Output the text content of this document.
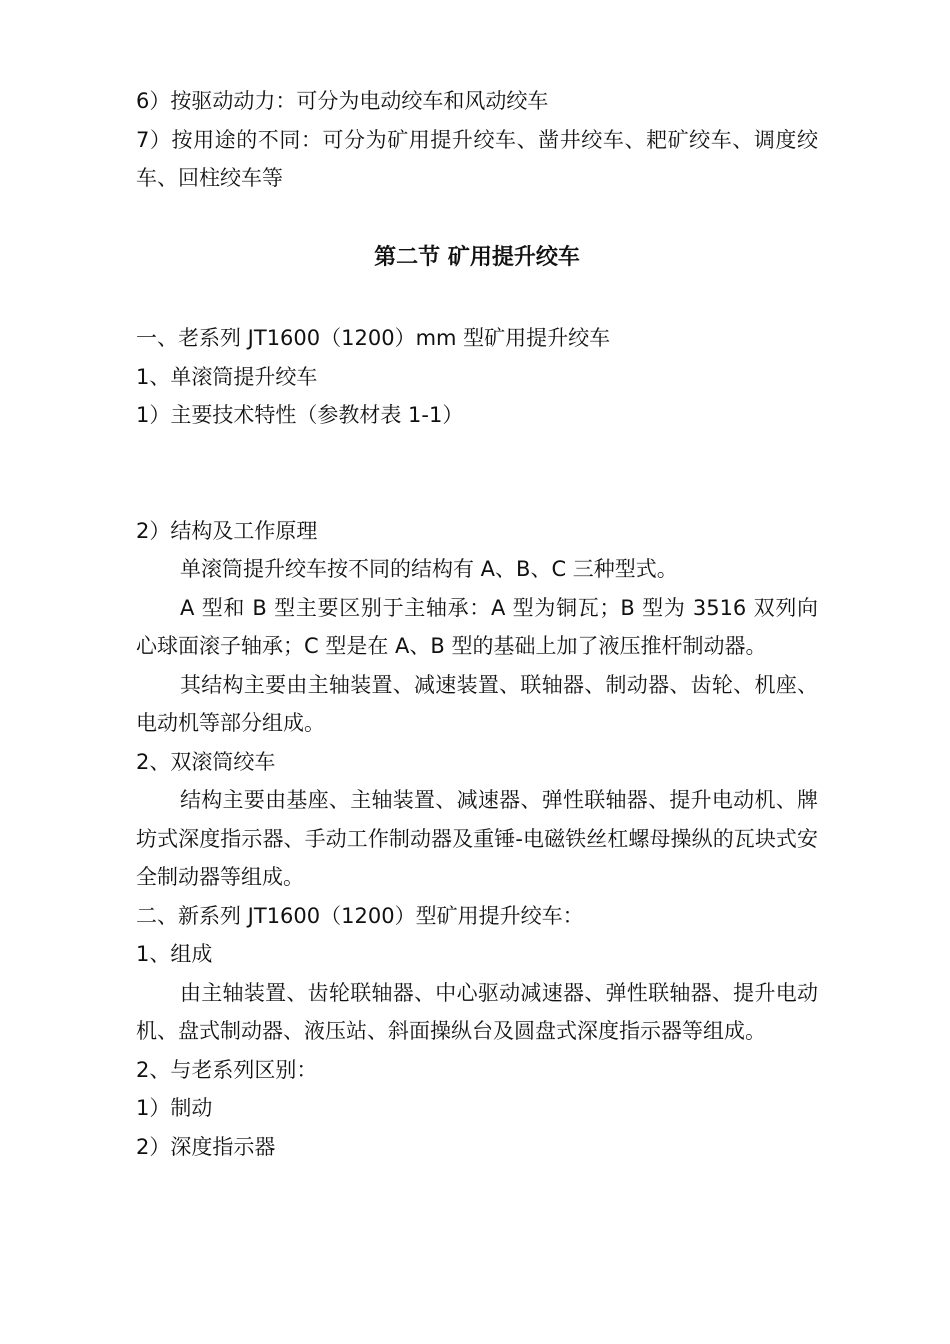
6）按驱动动力：可分为电动绞车和风动绞车

7）按用途的不同：可分为矿用提升绞车、凿井绞车、耙矿绞车、调度绞车、回柱绞车等

第二节 矿用提升绞车

一、老系列 JT1600（1200）mm 型矿用提升绞车

1、单滚筒提升绞车

1）主要技术特性（参教材表 1-1）

2）结构及工作原理

单滚筒提升绞车按不同的结构有 A、B、C 三种型式。

A 型和 B 型主要区别于主轴承：A 型为铜瓦；B 型为 3516 双列向心球面滚子轴承；C 型是在 A、B 型的基础上加了液压推杆制动器。

其结构主要由主轴装置、减速装置、联轴器、制动器、齿轮、机座、电动机等部分组成。

2、双滚筒绞车

结构主要由基座、主轴装置、减速器、弹性联轴器、提升电动机、牌坊式深度指示器、手动工作制动器及重锤-电磁铁丝杠螺母操纵的瓦块式安全制动器等组成。

二、新系列 JT1600（1200）型矿用提升绞车：

1、组成

由主轴装置、齿轮联轴器、中心驱动减速器、弹性联轴器、提升电动机、盘式制动器、液压站、斜面操纵台及圆盘式深度指示器等组成。

2、与老系列区别：

1）制动

2）深度指示器
